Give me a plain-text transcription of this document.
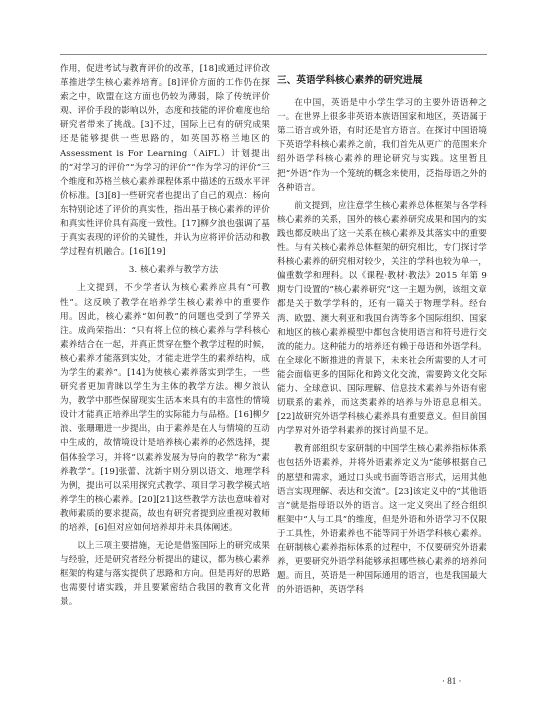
作用，促进考试与教育评价的改革，[18]或通过评价改革推进学生核心素养培育。[8]评价方面的工作仍在探索之中，欧盟在这方面也仍较为薄弱，除了传统评价观、评价手段的影响以外，态度和技能的评价难度也给研究者带来了挑战。[3]不过，国际上已有的研究成果还是能够提供一些思路的，如英国苏格兰地区的 Assessment is For Learning（AiFL）计划提出的“对学习的评价”“为学习的评价”“作为学习的评价”三个维度和苏格兰核心素养课程体系中描述的五级水平评价标准。[3][8]一些研究者也提出了自己的观点：杨向东特别论述了评价的真实性，指出基于核心素养的评价和真实性评价具有高度一致性。[17]柳夕浪也强调了基于真实表现的评价的关键性，并认为应将评价活动和教学过程有机融合。[16][19]

3. 核心素养与教学方法

上文提到，不少学者认为核心素养应具有“可教性”。这反映了教学在培养学生核心素养中的重要作用。因此，核心素养“如何教”的问题也受到了学界关注。成尚荣指出：“只有将上位的核心素养与学科核心素养结合在一起，并真正贯穿在整个教学过程的时候，核心素养才能落到实处，才能走进学生的素养结构，成为学生的素养”。[14]为使核心素养落实到学生，一些研究者更加青睐以学生为主体的教学方法。柳夕浪认为，教学中那些保留现实生活本来具有的丰富性的情境设计才能真正培养出学生的实际能力与品格。[16]柳夕浪、张珊珊进一步提出，由于素养是在人与情境的互动中生成的，故情境设计是培养核心素养的必然选择，提倡体验学习，并将“以素养发展为导向的教学”称为“素养教学”。[19]张蕾、沈新宇则分别以语文、地理学科为例，提出可以采用探究式教学、项目学习教学模式培养学生的核心素养。[20][21]这些教学方法也意味着对教师素质的要求提高，故也有研究者提到应重视对教师的培养，[6]但对应如何培养却并未具体阐述。

以上三项主要措施，无论是借鉴国际上的研究成果与经验，还是研究者经分析提出的建议，都为核心素养框架的构建与落实提供了思路和方向。但是再好的思路也需要付诸实践，并且要紧密结合我国的教育文化背景。

三、英语学科核心素养的研究进展

在中国，英语是中小学生学习的主要外语语种之一。在世界上很多非英语本族语国家和地区，英语属于第二语言或外语，有时还是官方语言。在探讨中国语境下英语学科核心素养之前，我们首先从更广的范围来介绍外语学科核心素养的理论研究与实践。这里暂且把“外语”作为一个笼统的概念来使用，泛指母语之外的各种语言。

前文提到，应注意学生核心素养总体框架与各学科核心素养的关系，国外的核心素养研究成果和国内的实践也都反映出了这一关系在核心素养及其落实中的重要性。与有关核心素养总体框架的研究相比，专门探讨学科核心素养的研究相对较少，关注的学科也较为单一，偏重数学和理科。以《课程·教材·教法》2015 年第 9 期专门设置的“核心素养研究”这一主题为例，该组文章都是关于数学学科的，还有一篇关于物理学科。经台湾、欧盟、澳大利亚和我国台湾等多个国际组织、国家和地区的核心素养模型中都包含使用语言和符号进行交流的能力。这种能力的培养还有赖于母语和外语学科。在全球化不断推进的背景下，未来社会所需要的人才可能会面临更多的国际化和跨文化交流，需要跨文化交际能力、全球意识、国际理解、信息技术素养与外语有密切联系的素养，而这类素养的培养与外语息息相关。[22]故研究外语学科核心素养具有重要意义。但目前国内学界对外语学科素养的探讨尚显不足。

教育部组织专家研制的中国学生核心素养指标体系也包括外语素养，并将外语素养定义为“能够根据自己的愿望和需求，通过口头或书面等语言形式，运用其他语言实现理解、表达和交流”。[23]该定义中的“其他语言”就是指母语以外的语言。这一定义突出了经合组织框架中“人与工具”的维度，但是外语和外语学习不仅限于工具性，外语素养也不能等同于外语学科核心素养。在研制核心素养指标体系的过程中，不仅要研究外语素养，更要研究外语学科能够承担哪些核心素养的培养问题。而且，英语是一种国际通用的语言，也是我国最大的外语语种，英语学科

· 81 ·
